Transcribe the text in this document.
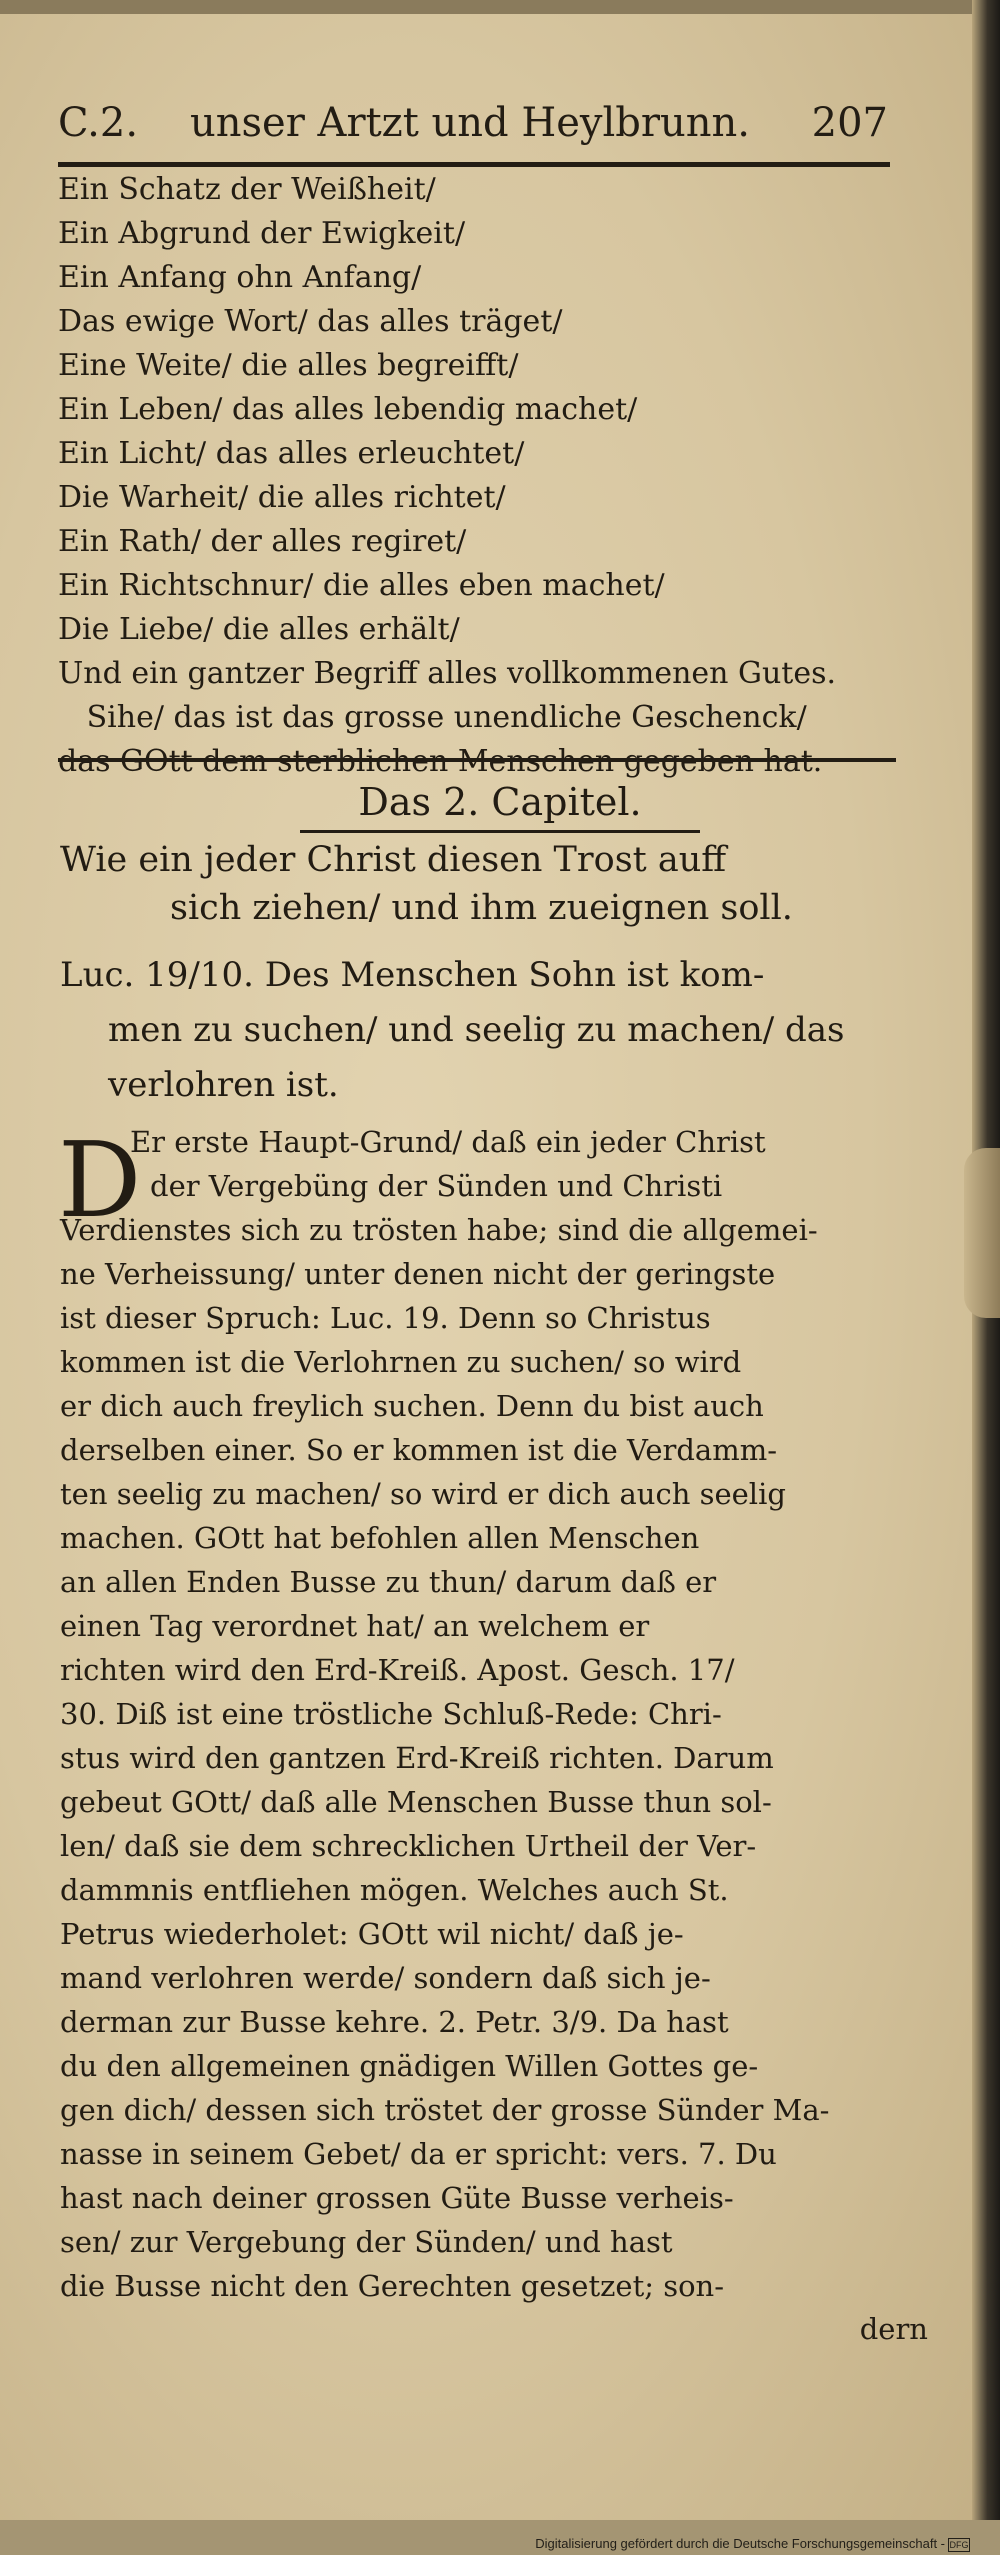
C.2. unser Artzt und Heylbrunn. 207
Ein Schatz der Weißheit/
Ein Abgrund der Ewigkeit/
Ein Anfang ohn Anfang/
Das ewige Wort/ das alles träget/
Eine Weite/ die alles begreifft/
Ein Leben/ das alles lebendig machet/
Ein Licht/ das alles erleuchtet/
Die Warheit/ die alles richtet/
Ein Rath/ der alles regiret/
Ein Richtschnur/ die alles eben machet/
Die Liebe/ die alles erhält/
Und ein gantzer Begriff alles vollkommenen Gutes.
Sihe/ das ist das grosse unendliche Geschenck/
Das 2. Capitel.
Wie ein jeder Christ diesen Trost auff
sich ziehen/ und ihm zueignen soll.
Luc. 19/10. Des Menschen Sohn ist kom-
men zu suchen/ und seelig zu machen/ das
verlohren ist.
D
Er erste Haupt-Grund/ daß ein jeder Christ
der Vergebüng der Sünden und Christi
Verdienstes sich zu trösten habe; sind die allgemei-
ne Verheissung/ unter denen nicht der geringste
ist dieser Spruch: Luc. 19. Denn so Christus
kommen ist die Verlohrnen zu suchen/ so wird
er dich auch freylich suchen. Denn du bist auch
derselben einer. So er kommen ist die Verdamm-
ten seelig zu machen/ so wird er dich auch seelig
machen. GOtt hat befohlen allen Menschen
an allen Enden Busse zu thun/ darum daß er
einen Tag verordnet hat/ an welchem er
richten wird den Erd-Kreiß. Apost. Gesch. 17/
30. Diß ist eine tröstliche Schluß-Rede: Chri-
stus wird den gantzen Erd-Kreiß richten. Darum
gebeut GOtt/ daß alle Menschen Busse thun sol-
len/ daß sie dem schrecklichen Urtheil der Ver-
dammnis entfliehen mögen. Welches auch St.
Petrus wiederholet: GOtt wil nicht/ daß je-
mand verlohren werde/ sondern daß sich je-
derman zur Busse kehre. 2. Petr. 3/9. Da hast
du den allgemeinen gnädigen Willen Gottes ge-
gen dich/ dessen sich tröstet der grosse Sünder Ma-
nasse in seinem Gebet/ da er spricht: vers. 7. Du
hast nach deiner grossen Güte Busse verheis-
sen/ zur Vergebung der Sünden/ und hast
die Busse nicht den Gerechten gesetzet; son-
dern
Digitalisierung gefördert durch die Deutsche Forschungsgemeinschaft - DFG
